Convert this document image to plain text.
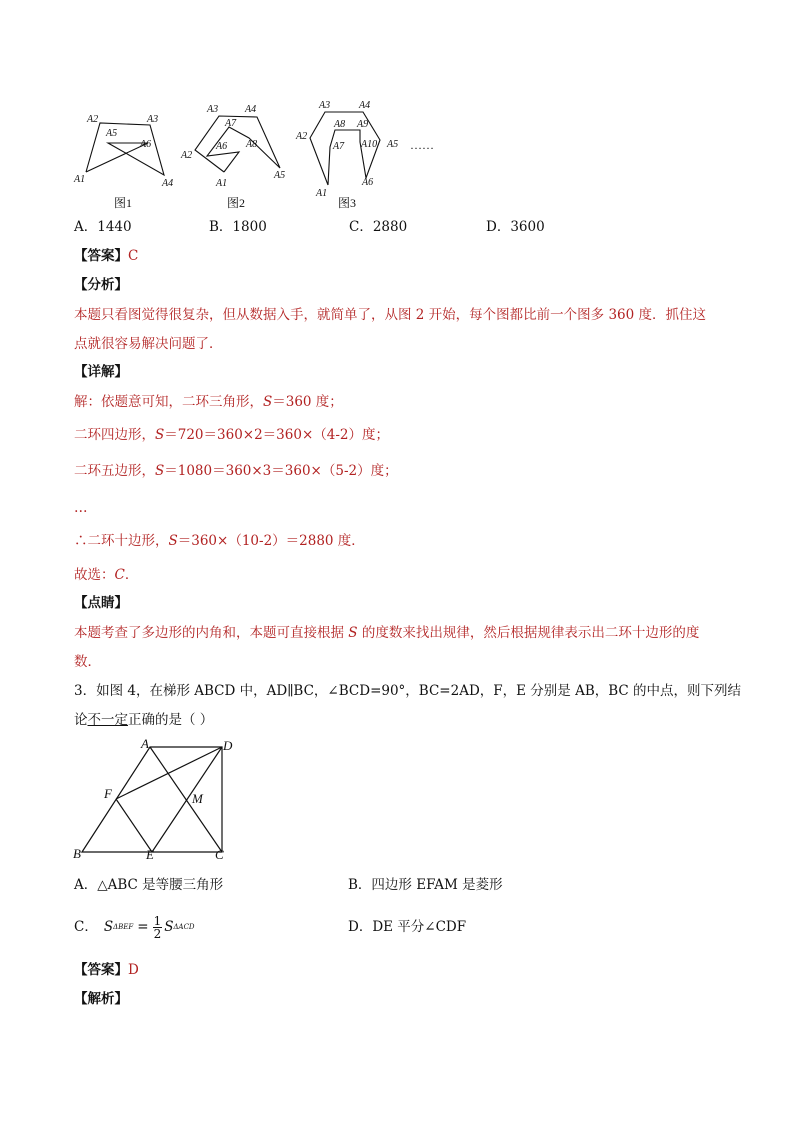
A1
A2	A3
A4
A5
A6
图1
A1
A2
A3	A4
A5
A6
A7
A8
图2
A1
A2
A3	A4
A5
A6
A7
A8 A9
A10
图3
……
A．1440	B．1800	C．2880	D．3600
【答案】C
【分析】
本题只看图觉得很复杂，但从数据入手，就简单了，从图 2 开始，每个图都比前一个图多 360 度．抓住这
点就很容易解决问题了．
【详解】
解：依题意可知，二环三角形，S＝360 度；
二环四边形，S＝720＝360×2＝360×（4-2）度；
二环五边形，S＝1080＝360×3＝360×（5-2）度；
…
∴二环十边形，S＝360×（10-2）＝2880 度．
故选：C．
【点睛】
本题考查了多边形的内角和，本题可直接根据 S 的度数来找出规律，然后根据规律表示出二环十边形的度
数．
3．如图 4，在梯形 ABCD 中，AD∥BC，∠BCD=90°，BC=2AD，F，E 分别是 AB，BC 的中点，则下列结
论不一定正确的是（ ）
A	D
F	M
B	E	C
A．△ABC 是等腰三角形	B．四边形 EFAM 是菱形
C． S $\Delta BEF = \frac{1}{2}$ S ΔACD	D．DE 平分∠CDF
【答案】D
【解析】
